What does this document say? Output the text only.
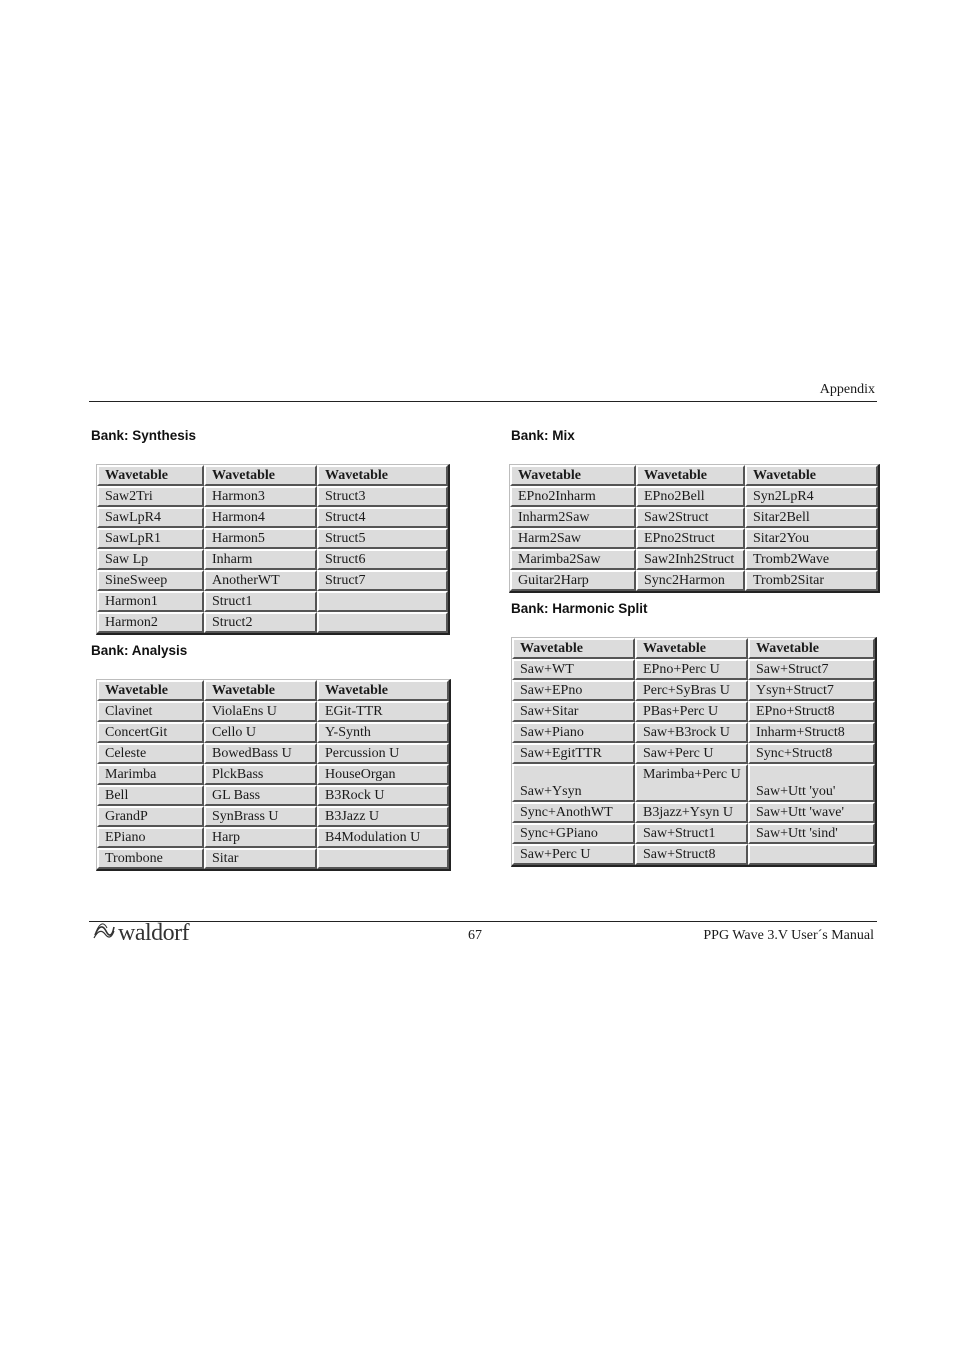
Appendix
Bank: Synthesis	Bank: Mix
Bank: Analysis
Bank: Harmonic Split
Wavetable	Wavetable	Wavetable
Saw2Tri	Harmon3	Struct3
SawLpR4	Harmon4	Struct4
SawLpR1	Harmon5	Struct5
Saw Lp	Inharm	Struct6
SineSweep	AnotherWT	Struct7
Harmon1	Struct1	
Harmon2	Struct2	
Wavetable	Wavetable	Wavetable
Clavinet	ViolaEns U	EGit-TTR
ConcertGit	Cello U	Y-Synth
Celeste	BowedBass U	Percussion U
Marimba	PlckBass	HouseOrgan
Bell	GL Bass	B3Rock U
GrandP	SynBrass U	B3Jazz U
EPiano	Harp	B4Modulation U
Trombone	Sitar	
Wavetable	Wavetable	Wavetable
EPno2Inharm	EPno2Bell	Syn2LpR4
Inharm2Saw	Saw2Struct	Sitar2Bell
Harm2Saw	EPno2Struct	Sitar2You
Marimba2Saw	Saw2Inh2Struct	Tromb2Wave
Guitar2Harp	Sync2Harmon	Tromb2Sitar
Wavetable	Wavetable	Wavetable
Saw+WT	EPno+Perc U	Saw+Struct7
Saw+EPno	Perc+SyBras U	Ysyn+Struct7
Saw+Sitar	PBas+Perc U	EPno+Struct8
Saw+Piano	Saw+B3rock U	Inharm+Struct8
Saw+EgitTTR	Saw+Perc U	Sync+Struct8
Saw+Ysyn	Marimba+Perc U	Saw+Utt 'you'
Sync+AnothWT	B3jazz+Ysyn U	Saw+Utt 'wave'
Sync+GPiano	Saw+Struct1	Saw+Utt 'sind'
Saw+Perc U	Saw+Struct8	
waldorf	67	PPG Wave 3.V User´s Manual
